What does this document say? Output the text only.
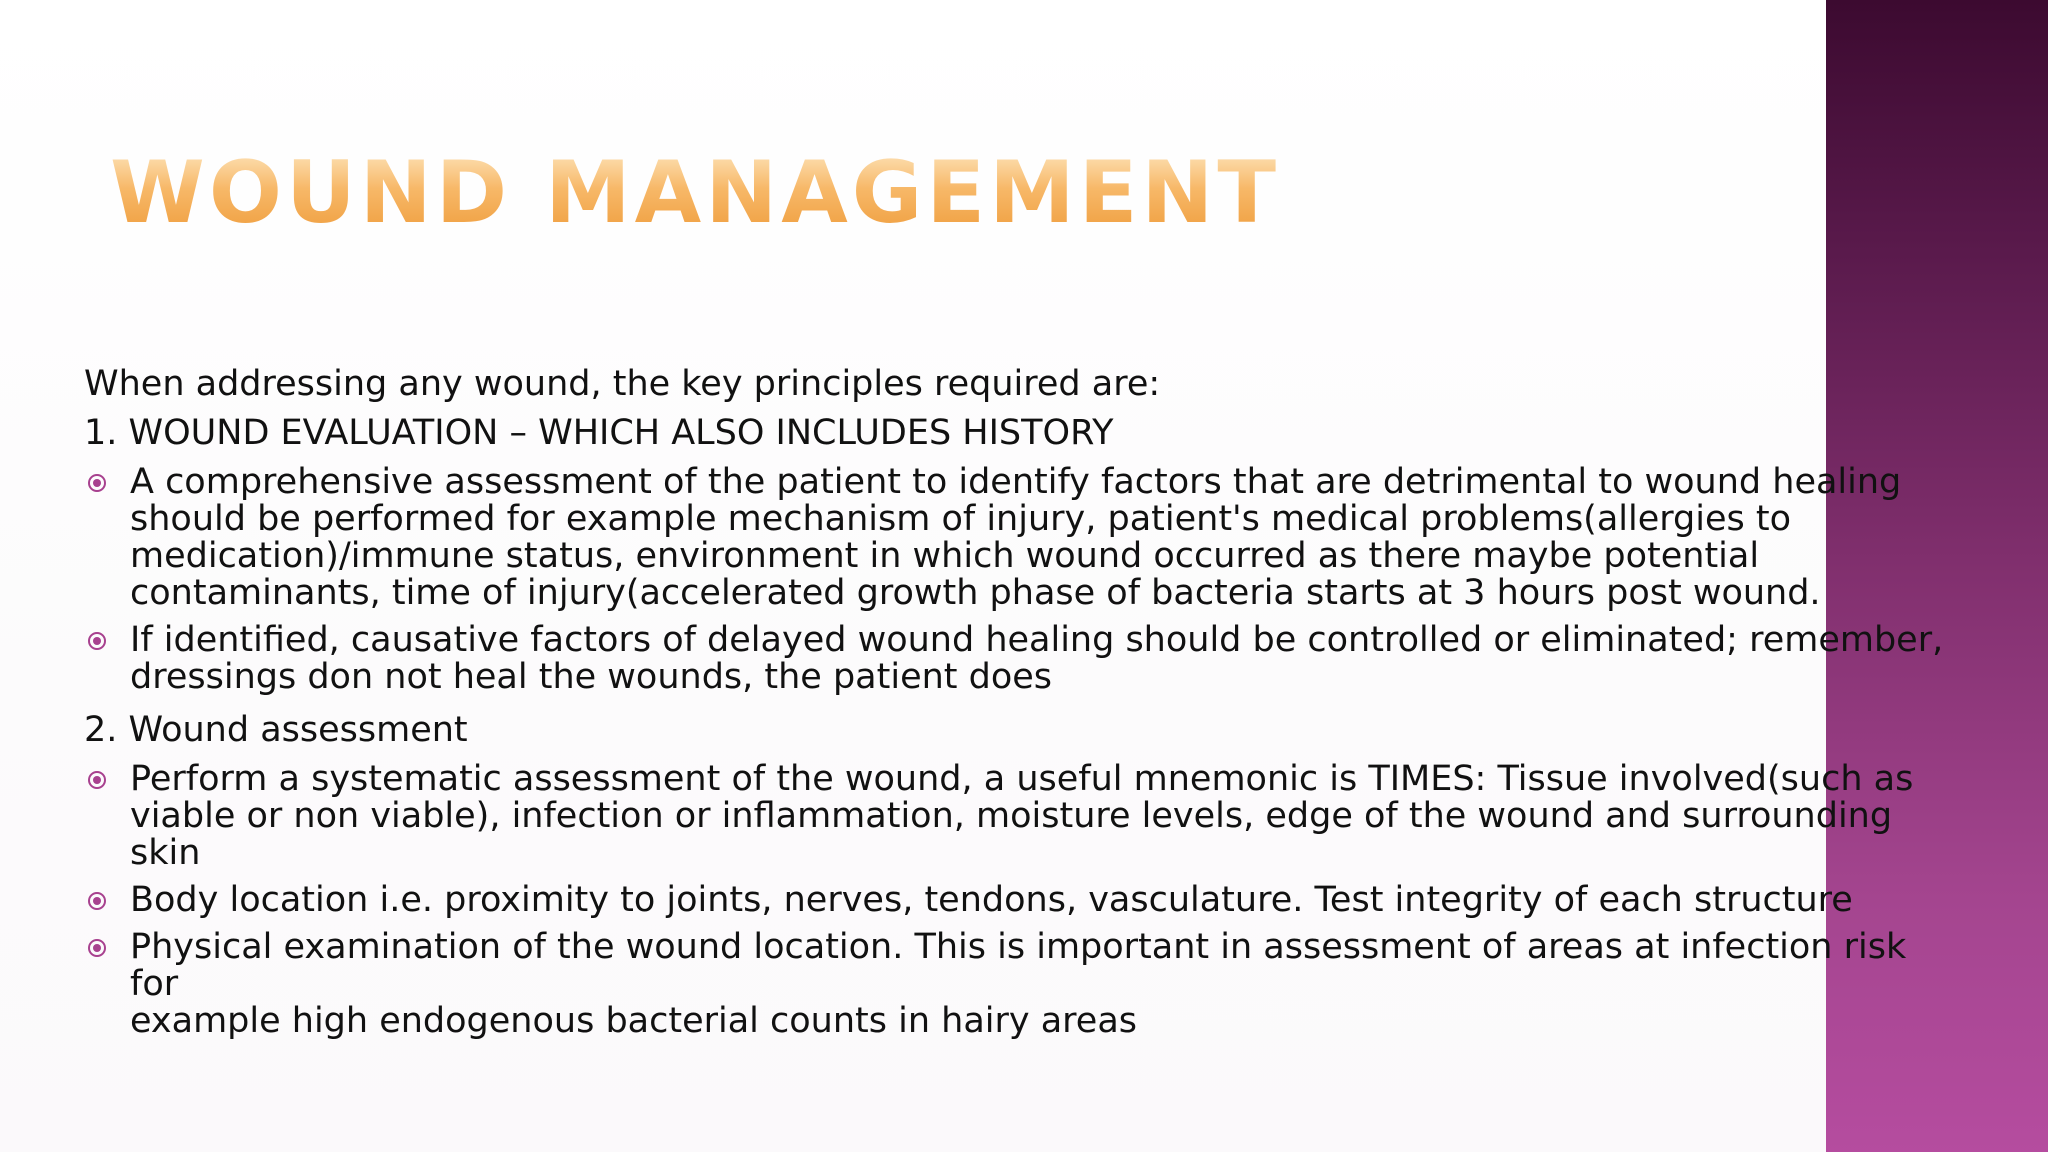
WOUND MANAGEMENT
When addressing any wound, the key principles required are:
1. WOUND EVALUATION – WHICH ALSO INCLUDES HISTORY
A comprehensive assessment of the patient to identify factors that are detrimental to wound healing
should be performed for example mechanism of injury, patient's medical problems(allergies to
medication)/immune status, environment in which wound occurred as there maybe potential
contaminants, time of injury(accelerated growth phase of bacteria starts at 3 hours post wound.
If identified, causative factors of delayed wound healing should be controlled or eliminated; remember,
dressings don not heal the wounds, the patient does
2. Wound assessment
Perform a systematic assessment of the wound, a useful mnemonic is TIMES: Tissue involved(such as
viable or non viable), infection or inflammation, moisture levels, edge of the wound and surrounding
skin
Body location i.e. proximity to joints, nerves, tendons, vasculature. Test integrity of each structure
Physical examination of the wound location. This is important in assessment of areas at infection risk for
example high endogenous bacterial counts in hairy areas
